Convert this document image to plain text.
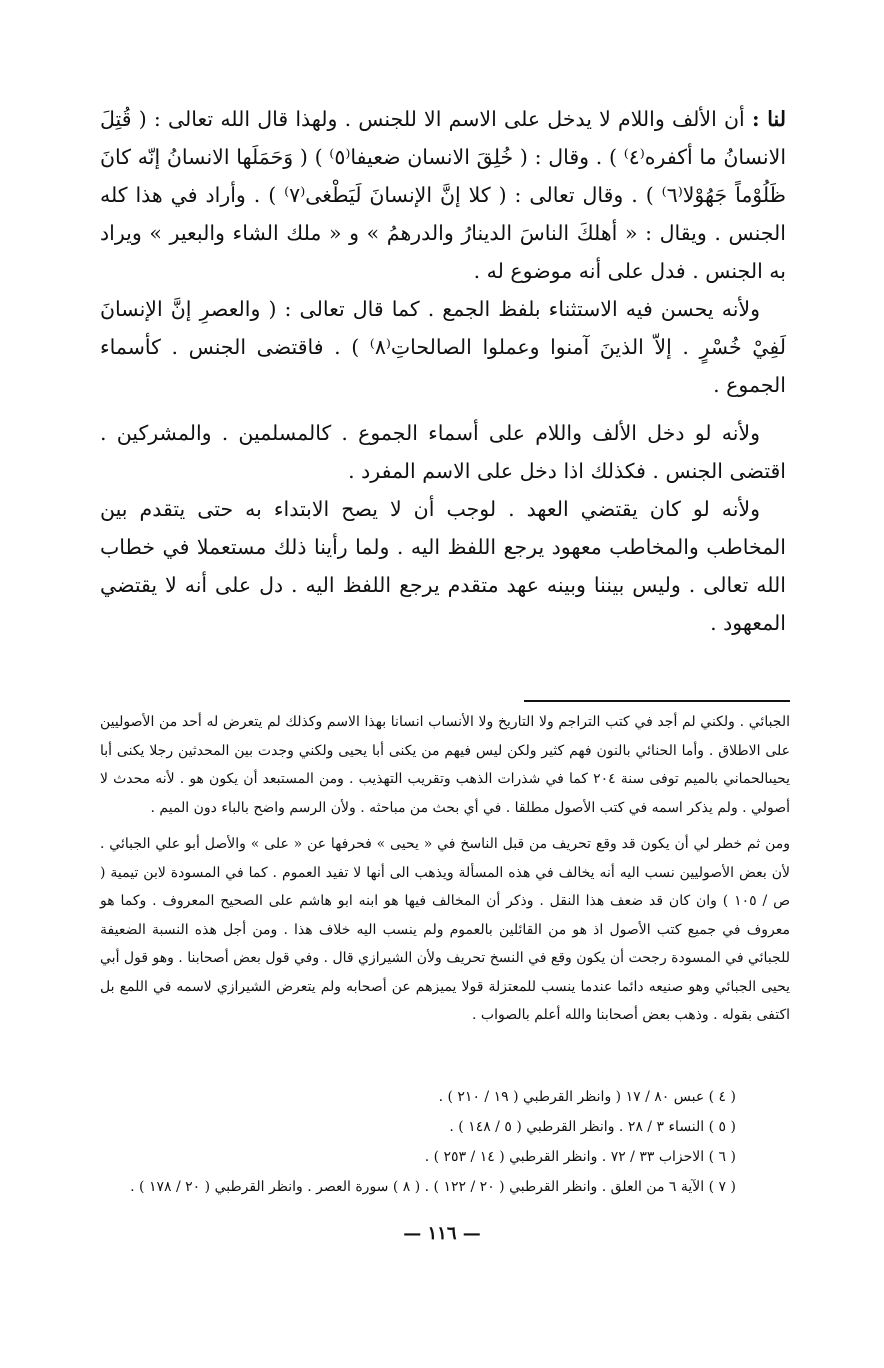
لنا : أن الألف واللام لا يدخل على الاسم الا للجنس . ولهذا قال الله تعالى : ( قُتِلَ الانسانُ ما أكفره⁽٤⁾ ) . وقال : ( خُلِقَ الانسان ضعيفا⁽٥⁾ ) ( وَحَمَلَها الانسانُ إنّه كانَ ظَلُوْماً جَهُوْلا⁽٦⁾ ) . وقال تعالى : ( كلا إنَّ الإنسانَ لَيَطْغى⁽٧⁾ ) . وأراد في هذا كله الجنس . ويقال : « أهلكَ الناسَ الدينارُ والدرهمُ » و « ملك الشاء والبعير » ويراد به الجنس . فدل على أنه موضوع له .

ولأنه يحسن فيه الاستثناء بلفظ الجمع . كما قال تعالى : ( والعصرِ إنَّ الإنسانَ لَفِيْ خُسْرٍ . إلاّ الذينَ آمنوا وعملوا الصالحاتِ⁽٨⁾ ) . فاقتضى الجنس . كأسماء الجموع .

ولأنه لو دخل الألف واللام على أسماء الجموع . كالمسلمين . والمشركين . اقتضى الجنس . فكذلك اذا دخل على الاسم المفرد .

ولأنه لو كان يقتضي العهد . لوجب أن لا يصح الابتداء به حتى يتقدم بين المخاطب والمخاطب معهود يرجع اللفظ اليه . ولما رأينا ذلك مستعملا في خطاب الله تعالى . وليس بيننا وبينه عهد متقدم يرجع اللفظ اليه . دل على أنه لا يقتضي المعهود .

الجبائي . ولكني لم أجد في كتب التراجم ولا التاريخ ولا الأنساب انسانا بهذا الاسم وكذلك لم يتعرض له أحد من الأصوليين على الاطلاق . وأما الحنائي بالنون فهم كثير ولكن ليس فيهم من يكنى أبا يحيى ولكني وجدت بين المحدثين رجلا يكنى أبا يحيىالحماني بالميم توفى سنة ٢٠٤ كما في شذرات الذهب وتقريب التهذيب . ومن المستبعد أن يكون هو . لأنه محدث لا أصولي . ولم يذكر اسمه في كتب الأصول مطلقا . في أي بحث من مباحثه . ولأن الرسم واضح بالباء دون الميم .

ومن ثم خطر لي أن يكون قد وقع تحريف من قبل الناسخ في « يحيى » فحرفها عن « على » والأصل أبو علي الجبائي . لأن بعض الأصوليين نسب اليه أنه يخالف في هذه المسألة ويذهب الى أنها لا تفيد العموم . كما في المسودة لابن تيمية ( ص / ١٠٥ ) وان كان قد ضعف هذا النقل . وذكر أن المخالف فيها هو ابنه ابو هاشم على الصحيح المعروف . وكما هو معروف في جميع كتب الأصول اذ هو من القائلين بالعموم ولم ينسب اليه خلاف هذا . ومن أجل هذه النسبة الضعيفة للجبائي في المسودة رجحت أن يكون وقع في النسخ تحريف ولأن الشيرازي قال . وفي قول بعض أصحابنا . وهو قول أبي يحيى الجبائي وهو صنيعه دائما عندما ينسب للمعتزلة قولا يميزهم عن أصحابه ولم يتعرض الشيرازي لاسمه في اللمع بل اكتفى بقوله . وذهب بعض أصحابنا والله أعلم بالصواب .

( ٤ ) عبس ٨٠ / ١٧ ( وانظر القرطبي ( ١٩ / ٢١٠ ) .

( ٥ ) النساء ٣ / ٢٨ . وانظر القرطبي ( ٥ / ١٤٨ ) .

( ٦ ) الاحزاب ٣٣ / ٧٢ . وانظر القرطبي ( ١٤ / ٢٥٣ ) .

( ٧ ) الآية ٦ من العلق . وانظر القرطبي ( ٢٠ / ١٢٢ ) . ( ٨ ) سورة العصر . وانظر القرطبي ( ٢٠ / ١٧٨ ) .

— ١١٦ —
